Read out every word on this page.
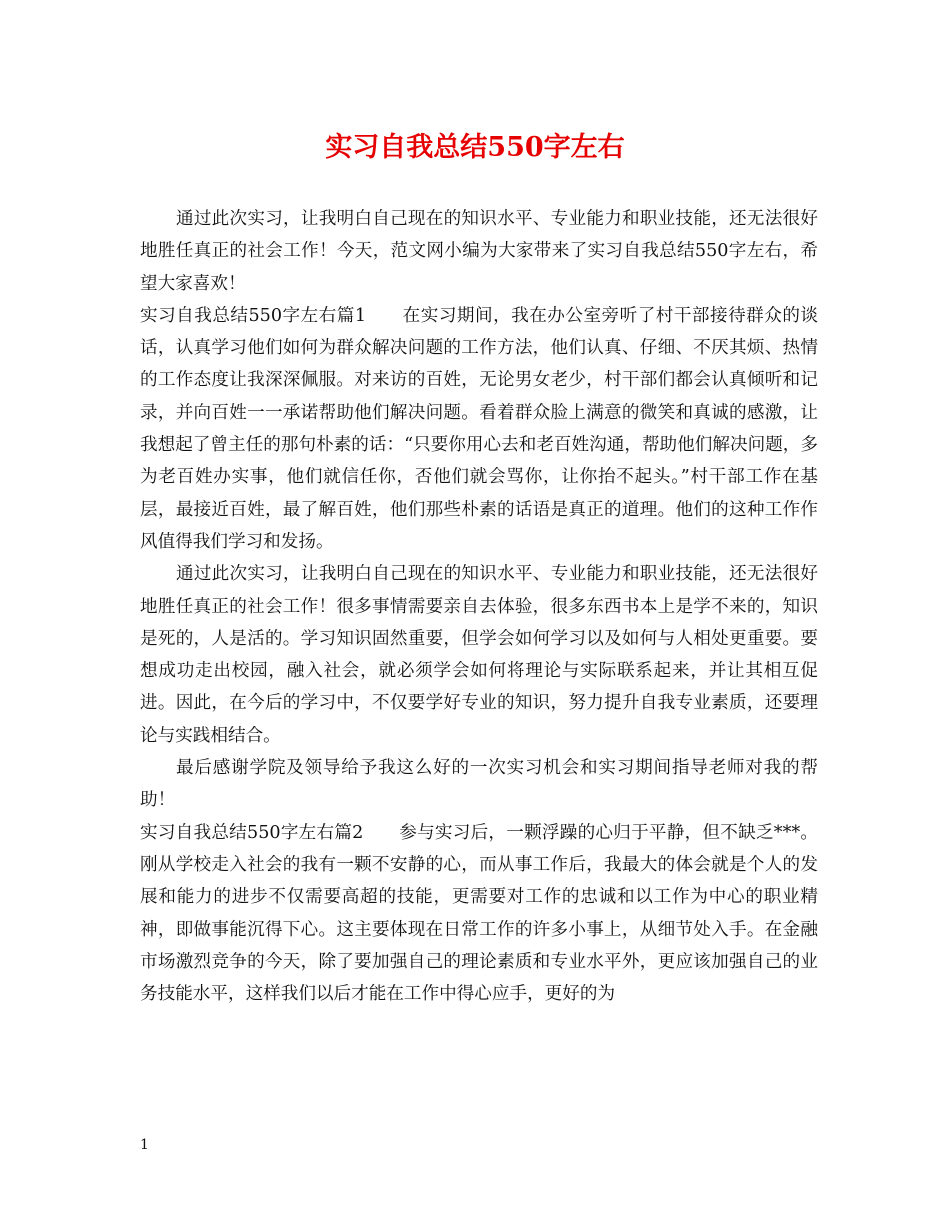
实习自我总结550字左右

通过此次实习，让我明白自己现在的知识水平、专业能力和职业技能，还无法很好地胜任真正的社会工作！今天，范文网小编为大家带来了实习自我总结550字左右，希望大家喜欢！

实习自我总结550字左右篇1　　在实习期间，我在办公室旁听了村干部接待群众的谈话，认真学习他们如何为群众解决问题的工作方法，他们认真、仔细、不厌其烦、热情的工作态度让我深深佩服。对来访的百姓，无论男女老少，村干部们都会认真倾听和记录，并向百姓一一承诺帮助他们解决问题。看着群众脸上满意的微笑和真诚的感激，让我想起了曾主任的那句朴素的话：“只要你用心去和老百姓沟通，帮助他们解决问题，多为老百姓办实事，他们就信任你，否他们就会骂你，让你抬不起头。”村干部工作在基层，最接近百姓，最了解百姓，他们那些朴素的话语是真正的道理。他们的这种工作作风值得我们学习和发扬。

通过此次实习，让我明白自己现在的知识水平、专业能力和职业技能，还无法很好地胜任真正的社会工作！很多事情需要亲自去体验，很多东西书本上是学不来的，知识是死的，人是活的。学习知识固然重要，但学会如何学习以及如何与人相处更重要。要想成功走出校园，融入社会，就必须学会如何将理论与实际联系起来，并让其相互促进。因此，在今后的学习中，不仅要学好专业的知识，努力提升自我专业素质，还要理论与实践相结合。

最后感谢学院及领导给予我这么好的一次实习机会和实习期间指导老师对我的帮助！

实习自我总结550字左右篇2　　参与实习后，一颗浮躁的心归于平静，但不缺乏***。刚从学校走入社会的我有一颗不安静的心，而从事工作后，我最大的体会就是个人的发展和能力的进步不仅需要高超的技能，更需要对工作的忠诚和以工作为中心的职业精神，即做事能沉得下心。这主要体现在日常工作的许多小事上，从细节处入手。在金融市场激烈竞争的今天，除了要加强自己的理论素质和专业水平外，更应该加强自己的业务技能水平，这样我们以后才能在工作中得心应手，更好的为

1
